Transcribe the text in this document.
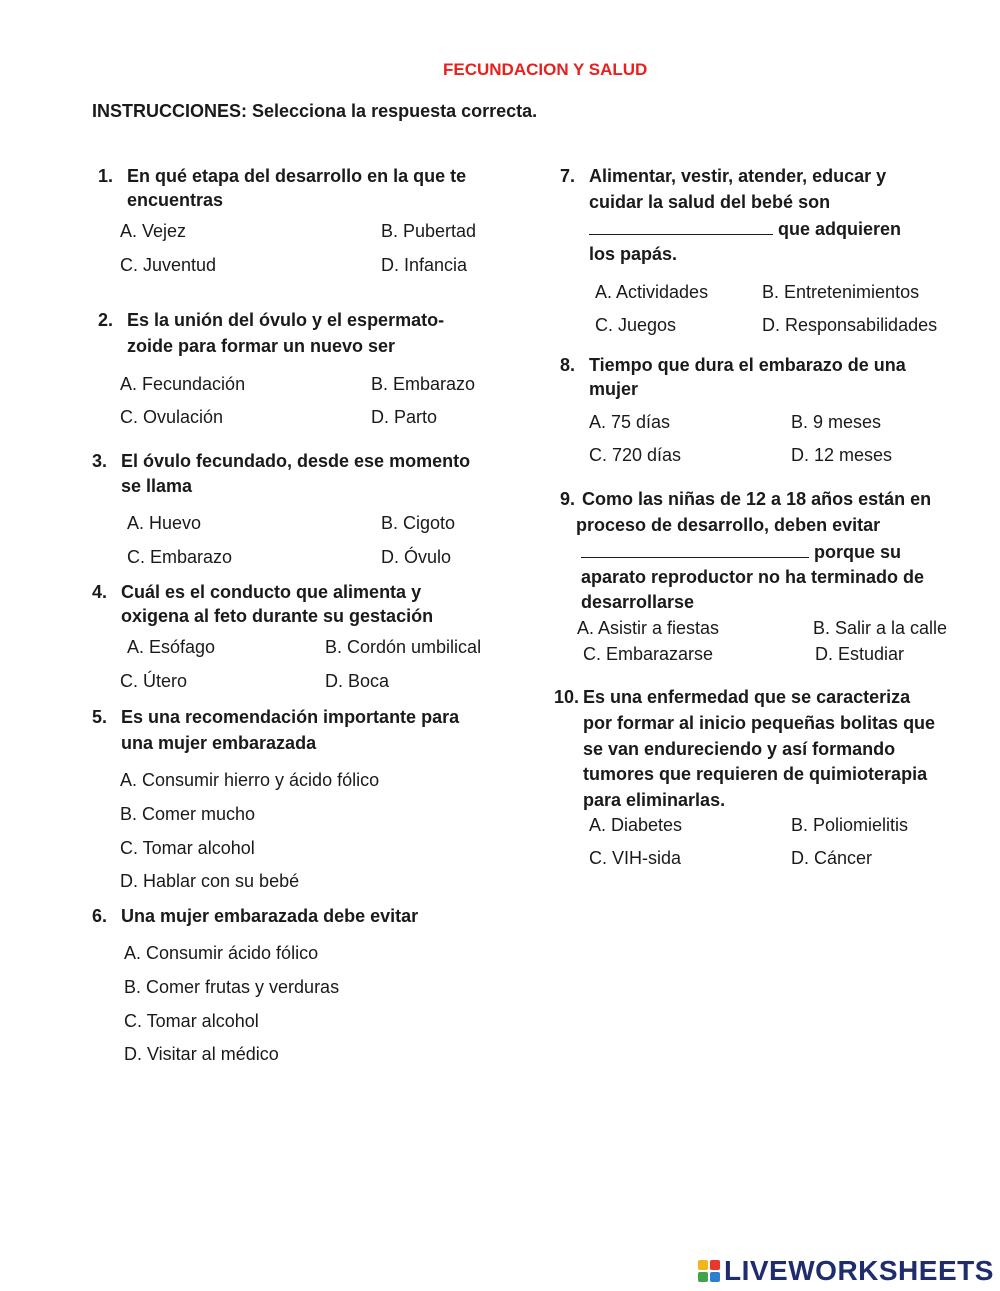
FECUNDACION Y SALUD
INSTRUCCIONES: Selecciona la respuesta correcta.
1. En qué etapa del desarrollo en la que te
encuentras
A. Vejez	B. Pubertad
C. Juventud	D. Infancia
2. Es la unión del óvulo y el espermato-
zoide para formar un nuevo ser
A. Fecundación	B. Embarazo
C. Ovulación	D. Parto
3. El óvulo fecundado, desde ese momento
se llama
A. Huevo	B. Cigoto
C. Embarazo	D. Óvulo
4. Cuál es el conducto que alimenta y
oxigena al feto durante su gestación
A. Esófago	B. Cordón umbilical
C. Útero	D. Boca
5. Es una recomendación importante para
una mujer embarazada
A. Consumir hierro y ácido fólico
B. Comer mucho
C. Tomar alcohol
D. Hablar con su bebé
6. Una mujer embarazada debe evitar
A. Consumir ácido fólico
B. Comer frutas y verduras
C. Tomar alcohol
D. Visitar al médico
7. Alimentar, vestir, atender, educar y
cuidar la salud del bebé son
que adquieren
los papás.
A. Actividades	B. Entretenimientos
C. Juegos	D. Responsabilidades
8. Tiempo que dura el embarazo de una
mujer
A. 75 días	B. 9 meses
C. 720 días	D. 12 meses
9. Como las niñas de 12 a 18 años están en
proceso de desarrollo, deben evitar
porque su
aparato reproductor no ha terminado de
desarrollarse
A. Asistir a fiestas	B. Salir a la calle
C. Embarazarse	D. Estudiar
10. Es una enfermedad que se caracteriza
por formar al inicio pequeñas bolitas que
se van endureciendo y así formando
tumores que requieren de quimioterapia
para eliminarlas.
A. Diabetes	B. Poliomielitis
C. VIH-sida	D. Cáncer
LIVEWORKSHEETS
